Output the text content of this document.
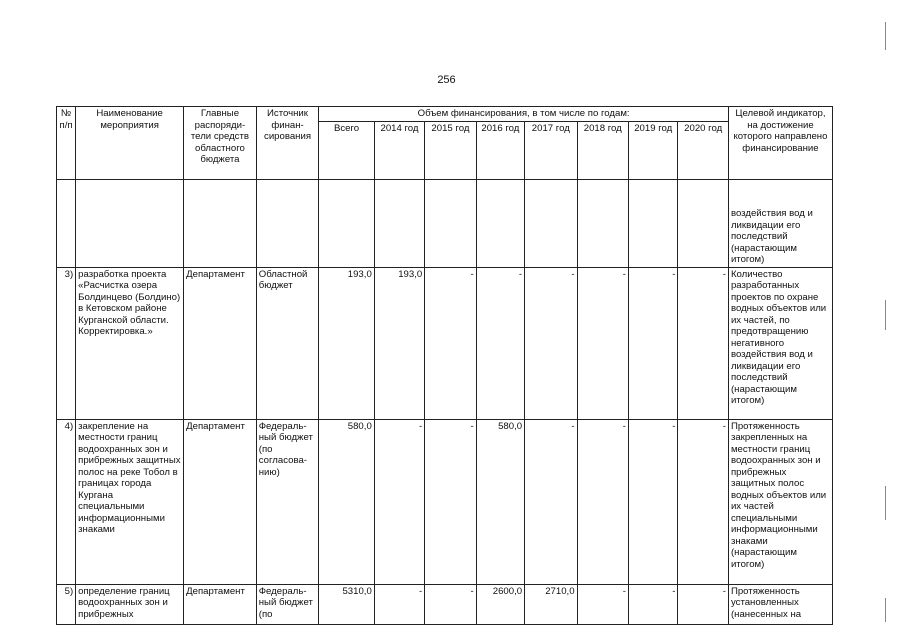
256
№ п/п	Наименование мероприятия	Главные распоряди-тели средств областного бюджета	Источник финан-сирования	Объем финансирования, в том числе по годам:								Целевой индикатор, на достижение которого направлено финансирование
				Всего	2014 год	2015 год	2016 год	2017 год	2018 год	2019 год	2020 год	
												воздействия вод и ликвидации его последствий (нарастающим итогом)
3)	разработка проекта «Расчистка озера Болдинцево (Болдино) в Кетовском районе Курганской области. Корректировка.»	Департамент	Областной бюджет	193,0	193,0	-	-	-	-	-	-	Количество разработанных проектов по охране водных объектов или их частей, по предотвращению негативного воздействия вод и ликвидации его последствий (нарастающим итогом)
4)	закрепление на местности границ водоохранных зон и прибрежных защитных полос на реке Тобол в границах города Кургана специальными информационными знаками	Департамент	Федераль-ный бюджет (по согласова-нию)	580,0	-	-	580,0	-	-	-	-	Протяженность закрепленных на местности границ водоохранных зон и прибрежных защитных полос водных объектов или их частей специальными информационными знаками (нарастающим итогом)
5)	определение границ водоохранных зон и прибрежных	Департамент	Федераль-ный бюджет (по	5310,0	-	-	2600,0	2710,0	-	-	-	Протяженность установленных (нанесенных на
